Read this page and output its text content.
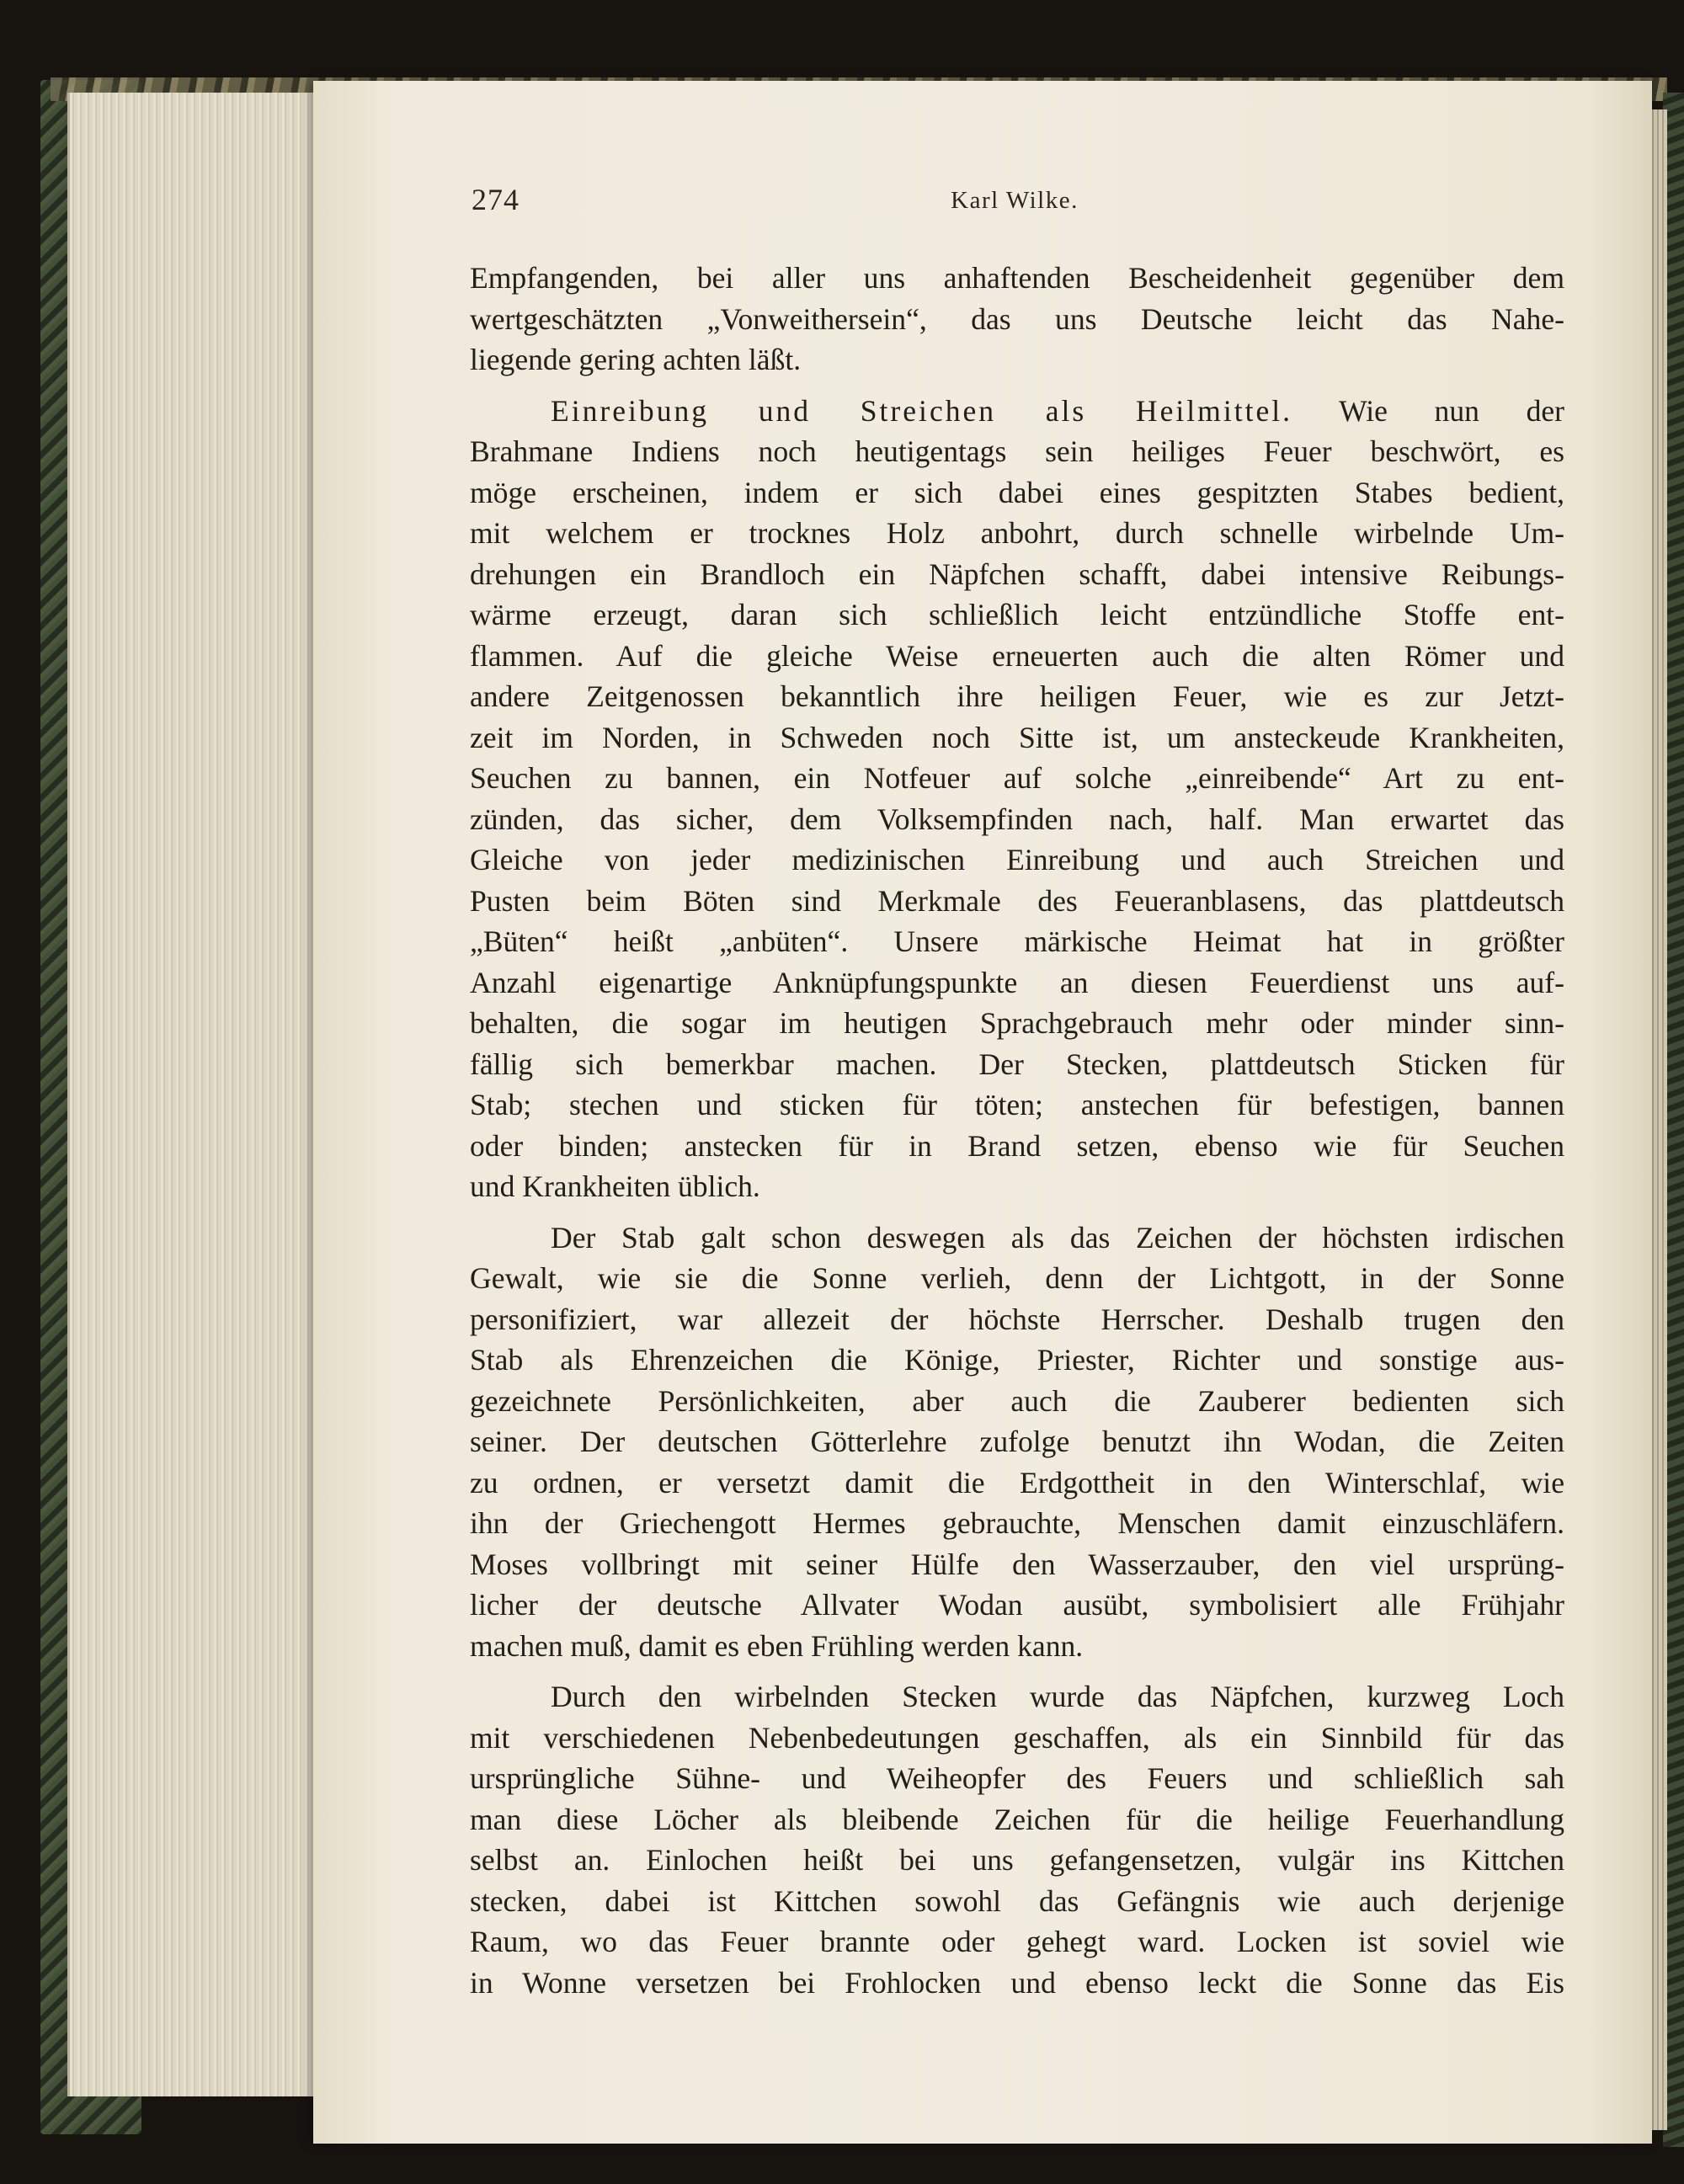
274	Karl Wilke.

Empfangenden, bei aller uns anhaftenden Bescheidenheit gegenüber dem
wertgeschätzten „Vonweithersein“, das uns Deutsche leicht das Nahe-
liegende gering achten läßt.

Einreibung und Streichen als Heilmittel. Wie nun der
Brahmane Indiens noch heutigentags sein heiliges Feuer beschwört, es
möge erscheinen, indem er sich dabei eines gespitzten Stabes bedient,
mit welchem er trocknes Holz anbohrt, durch schnelle wirbelnde Um-
drehungen ein Brandloch ein Näpfchen schafft, dabei intensive Reibungs-
wärme erzeugt, daran sich schließlich leicht entzündliche Stoffe ent-
flammen. Auf die gleiche Weise erneuerten auch die alten Römer und
andere Zeitgenossen bekanntlich ihre heiligen Feuer, wie es zur Jetzt-
zeit im Norden, in Schweden noch Sitte ist, um ansteckeude Krankheiten,
Seuchen zu bannen, ein Notfeuer auf solche „einreibende“ Art zu ent-
zünden, das sicher, dem Volksempfinden nach, half. Man erwartet das
Gleiche von jeder medizinischen Einreibung und auch Streichen und
Pusten beim Böten sind Merkmale des Feueranblasens, das plattdeutsch
„Büten“ heißt „anbüten“. Unsere märkische Heimat hat in größter
Anzahl eigenartige Anknüpfungspunkte an diesen Feuerdienst uns auf-
behalten, die sogar im heutigen Sprachgebrauch mehr oder minder sinn-
fällig sich bemerkbar machen. Der Stecken, plattdeutsch Sticken für
Stab; stechen und sticken für töten; anstechen für befestigen, bannen
oder binden; anstecken für in Brand setzen, ebenso wie für Seuchen
und Krankheiten üblich.

Der Stab galt schon deswegen als das Zeichen der höchsten irdischen
Gewalt, wie sie die Sonne verlieh, denn der Lichtgott, in der Sonne
personifiziert, war allezeit der höchste Herrscher. Deshalb trugen den
Stab als Ehrenzeichen die Könige, Priester, Richter und sonstige aus-
gezeichnete Persönlichkeiten, aber auch die Zauberer bedienten sich
seiner. Der deutschen Götterlehre zufolge benutzt ihn Wodan, die Zeiten
zu ordnen, er versetzt damit die Erdgottheit in den Winterschlaf, wie
ihn der Griechengott Hermes gebrauchte, Menschen damit einzuschläfern.
Moses vollbringt mit seiner Hülfe den Wasserzauber, den viel ursprüng-
licher der deutsche Allvater Wodan ausübt, symbolisiert alle Frühjahr
machen muß, damit es eben Frühling werden kann.

Durch den wirbelnden Stecken wurde das Näpfchen, kurzweg Loch
mit verschiedenen Nebenbedeutungen geschaffen, als ein Sinnbild für das
ursprüngliche Sühne- und Weiheopfer des Feuers und schließlich sah
man diese Löcher als bleibende Zeichen für die heilige Feuerhandlung
selbst an. Einlochen heißt bei uns gefangensetzen, vulgär ins Kittchen
stecken, dabei ist Kittchen sowohl das Gefängnis wie auch derjenige
Raum, wo das Feuer brannte oder gehegt ward. Locken ist soviel wie
in Wonne versetzen bei Frohlocken und ebenso leckt die Sonne das Eis
